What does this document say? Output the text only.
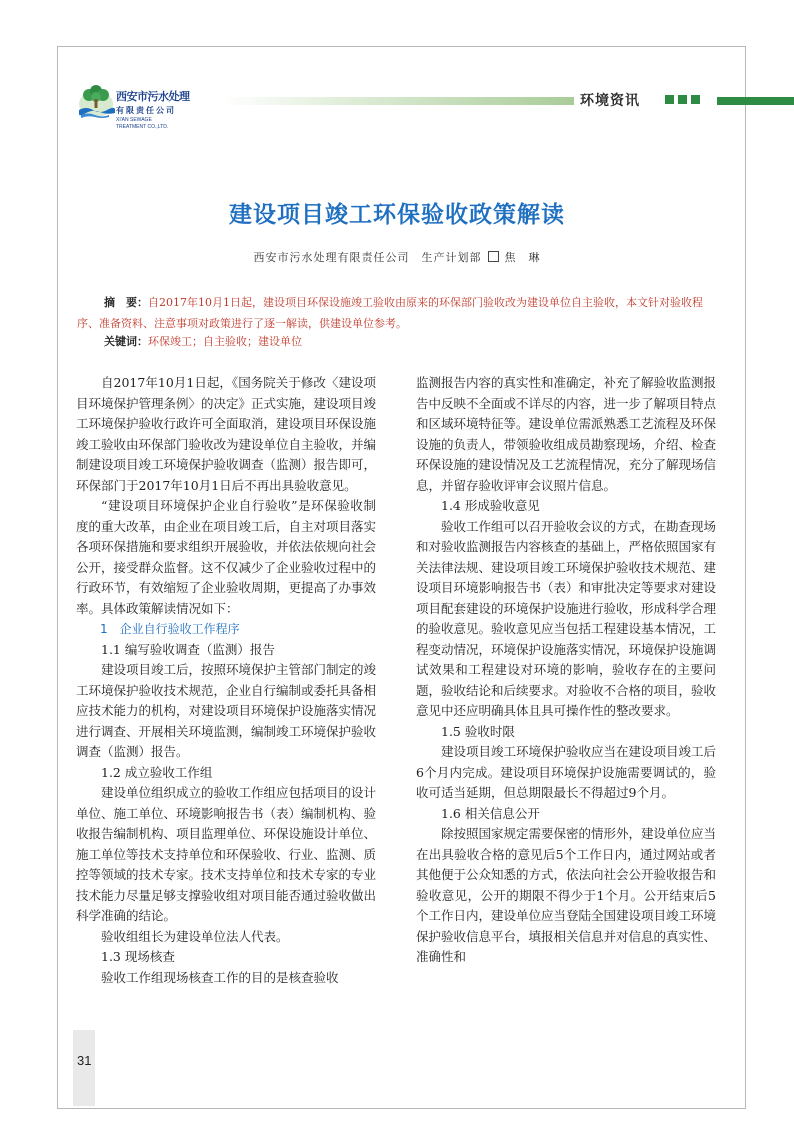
西安市污水处理
有限责任公司
XI'AN SEWAGE
TREATMENT CO.,LTD.
环境资讯
建设项目竣工环保验收政策解读
西安市污水处理有限责任公司　生产计划部 焦　琳
摘　要：自2017年10月1日起，建设项目环保设施竣工验收由原来的环保部门验收改为建设单位自主验收，本文针对验收程序、准备资料、注意事项对政策进行了逐一解读，供建设单位参考。
关键词：环保竣工；自主验收；建设单位

自2017年10月1日起，《国务院关于修改〈建设项目环境保护管理条例〉的决定》正式实施，建设项目竣工环境保护验收行政许可全面取消，建设项目环保设施竣工验收由环保部门验收改为建设单位自主验收，并编制建设项目竣工环境保护验收调查（监测）报告即可，环保部门于2017年10月1日后不再出具验收意见。

“建设项目环境保护企业自行验收”是环保验收制度的重大改革，由企业在项目竣工后，自主对项目落实各项环保措施和要求组织开展验收，并依法依规向社会公开，接受群众监督。这不仅减少了企业验收过程中的行政环节，有效缩短了企业验收周期，更提高了办事效率。具体政策解读情况如下：

1　企业自行验收工作程序

1.1 编写验收调查（监测）报告

建设项目竣工后，按照环境保护主管部门制定的竣工环境保护验收技术规范，企业自行编制或委托具备相应技术能力的机构，对建设项目环境保护设施落实情况进行调查、开展相关环境监测，编制竣工环境保护验收调查（监测）报告。

1.2 成立验收工作组

建设单位组织成立的验收工作组应包括项目的设计单位、施工单位、环境影响报告书（表）编制机构、验收报告编制机构、项目监理单位、环保设施设计单位、施工单位等技术支持单位和环保验收、行业、监测、质控等领域的技术专家。技术支持单位和技术专家的专业技术能力尽量足够支撑验收组对项目能否通过验收做出科学准确的结论。

验收组组长为建设单位法人代表。

1.3 现场核查

验收工作组现场核查工作的目的是核查验收

监测报告内容的真实性和准确定，补充了解验收监测报告中反映不全面或不详尽的内容，进一步了解项目特点和区域环境特征等。建设单位需派熟悉工艺流程及环保设施的负责人，带领验收组成员勘察现场，介绍、检查环保设施的建设情况及工艺流程情况，充分了解现场信息，并留存验收评审会议照片信息。

1.4 形成验收意见

验收工作组可以召开验收会议的方式，在勘查现场和对验收监测报告内容核查的基础上，严格依照国家有关法律法规、建设项目竣工环境保护验收技术规范、建设项目环境影响报告书（表）和审批决定等要求对建设项目配套建设的环境保护设施进行验收，形成科学合理的验收意见。验收意见应当包括工程建设基本情况，工程变动情况，环境保护设施落实情况，环境保护设施调试效果和工程建设对环境的影响，验收存在的主要问题，验收结论和后续要求。对验收不合格的项目，验收意见中还应明确具体且具可操作性的整改要求。

1.5 验收时限

建设项目竣工环境保护验收应当在建设项目竣工后6个月内完成。建设项目环境保护设施需要调试的，验收可适当延期，但总期限最长不得超过9个月。

1.6 相关信息公开

除按照国家规定需要保密的情形外，建设单位应当在出具验收合格的意见后5个工作日内，通过网站或者其他便于公众知悉的方式，依法向社会公开验收报告和验收意见，公开的期限不得少于1个月。公开结束后5个工作日内，建设单位应当登陆全国建设项目竣工环境保护验收信息平台，填报相关信息并对信息的真实性、准确性和

31
